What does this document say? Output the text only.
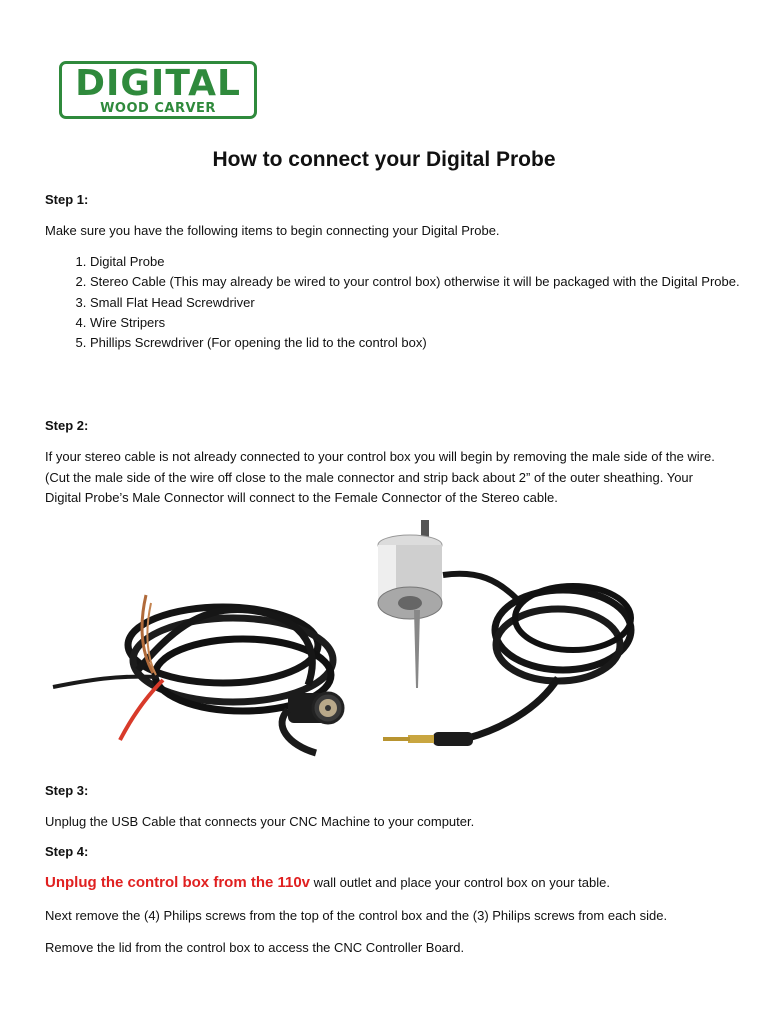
DIGITAL
WOOD CARVER
How to connect your Digital Probe
Step 1:
Make sure you have the following items to begin connecting your Digital Probe.
1. Digital Probe
2. Stereo Cable (This may already be wired to your control box) otherwise it will be packaged with the Digital Probe.
3. Small Flat Head Screwdriver
4. Wire Stripers
5. Phillips Screwdriver (For opening the lid to the control box)
Step 2:
If your stereo cable is not already connected to your control box you will begin by removing the male side of the wire. (Cut the male side of the wire off close to the male connector and strip back about 2” of the outer sheathing. Your Digital Probe’s Male Connector will connect to the Female Connector of the Stereo cable.
Step 3:
Unplug the USB Cable that connects your CNC Machine to your computer.
Step 4:
Unplug the control box from the 110v wall outlet and place your control box on your table.
Next remove the (4) Philips screws from the top of the control box and the (3) Philips screws from each side.
Remove the lid from the control box to access the CNC Controller Board.
